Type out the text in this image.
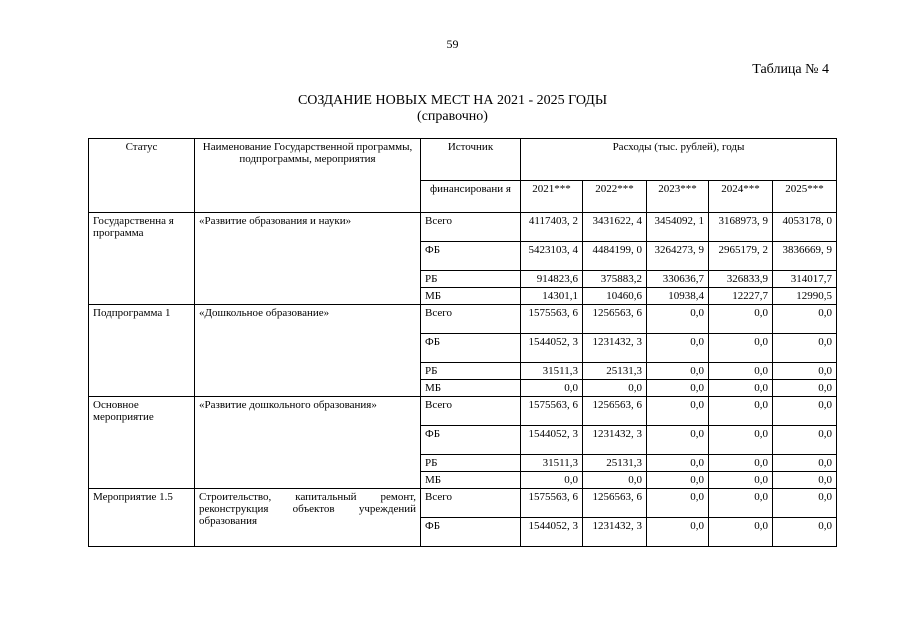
59
Таблица № 4
СОЗДАНИЕ НОВЫХ МЕСТ НА 2021 - 2025 ГОДЫ
(справочно)
Статус	Наименование Государственной программы, подпрограммы, мероприятия	Источник	Расходы (тыс. рублей), годы				
		финансировани я	2021***	2022***	2023***	2024***	2025***
Государственна я программа	«Развитие образования и науки»	Всего	4117403, 2	3431622, 4	3454092, 1	3168973, 9	4053178, 0
		ФБ	5423103, 4	4484199, 0	3264273, 9	2965179, 2	3836669, 9
		РБ	914823,6	375883,2	330636,7	326833,9	314017,7
		МБ	14301,1	10460,6	10938,4	12227,7	12990,5
Подпрограмма 1	«Дошкольное образование»	Всего	1575563, 6	1256563, 6	0,0	0,0	0,0
		ФБ	1544052, 3	1231432, 3	0,0	0,0	0,0
		РБ	31511,3	25131,3	0,0	0,0	0,0
		МБ	0,0	0,0	0,0	0,0	0,0
Основное мероприятие	«Развитие дошкольного образования»	Всего	1575563, 6	1256563, 6	0,0	0,0	0,0
		ФБ	1544052, 3	1231432, 3	0,0	0,0	0,0
		РБ	31511,3	25131,3	0,0	0,0	0,0
		МБ	0,0	0,0	0,0	0,0	0,0
Мероприятие 1.5	Строительство, капитальный ремонт, реконструкция объектов учреждений образования	Всего	1575563, 6	1256563, 6	0,0	0,0	0,0
		ФБ	1544052, 3	1231432, 3	0,0	0,0	0,0
